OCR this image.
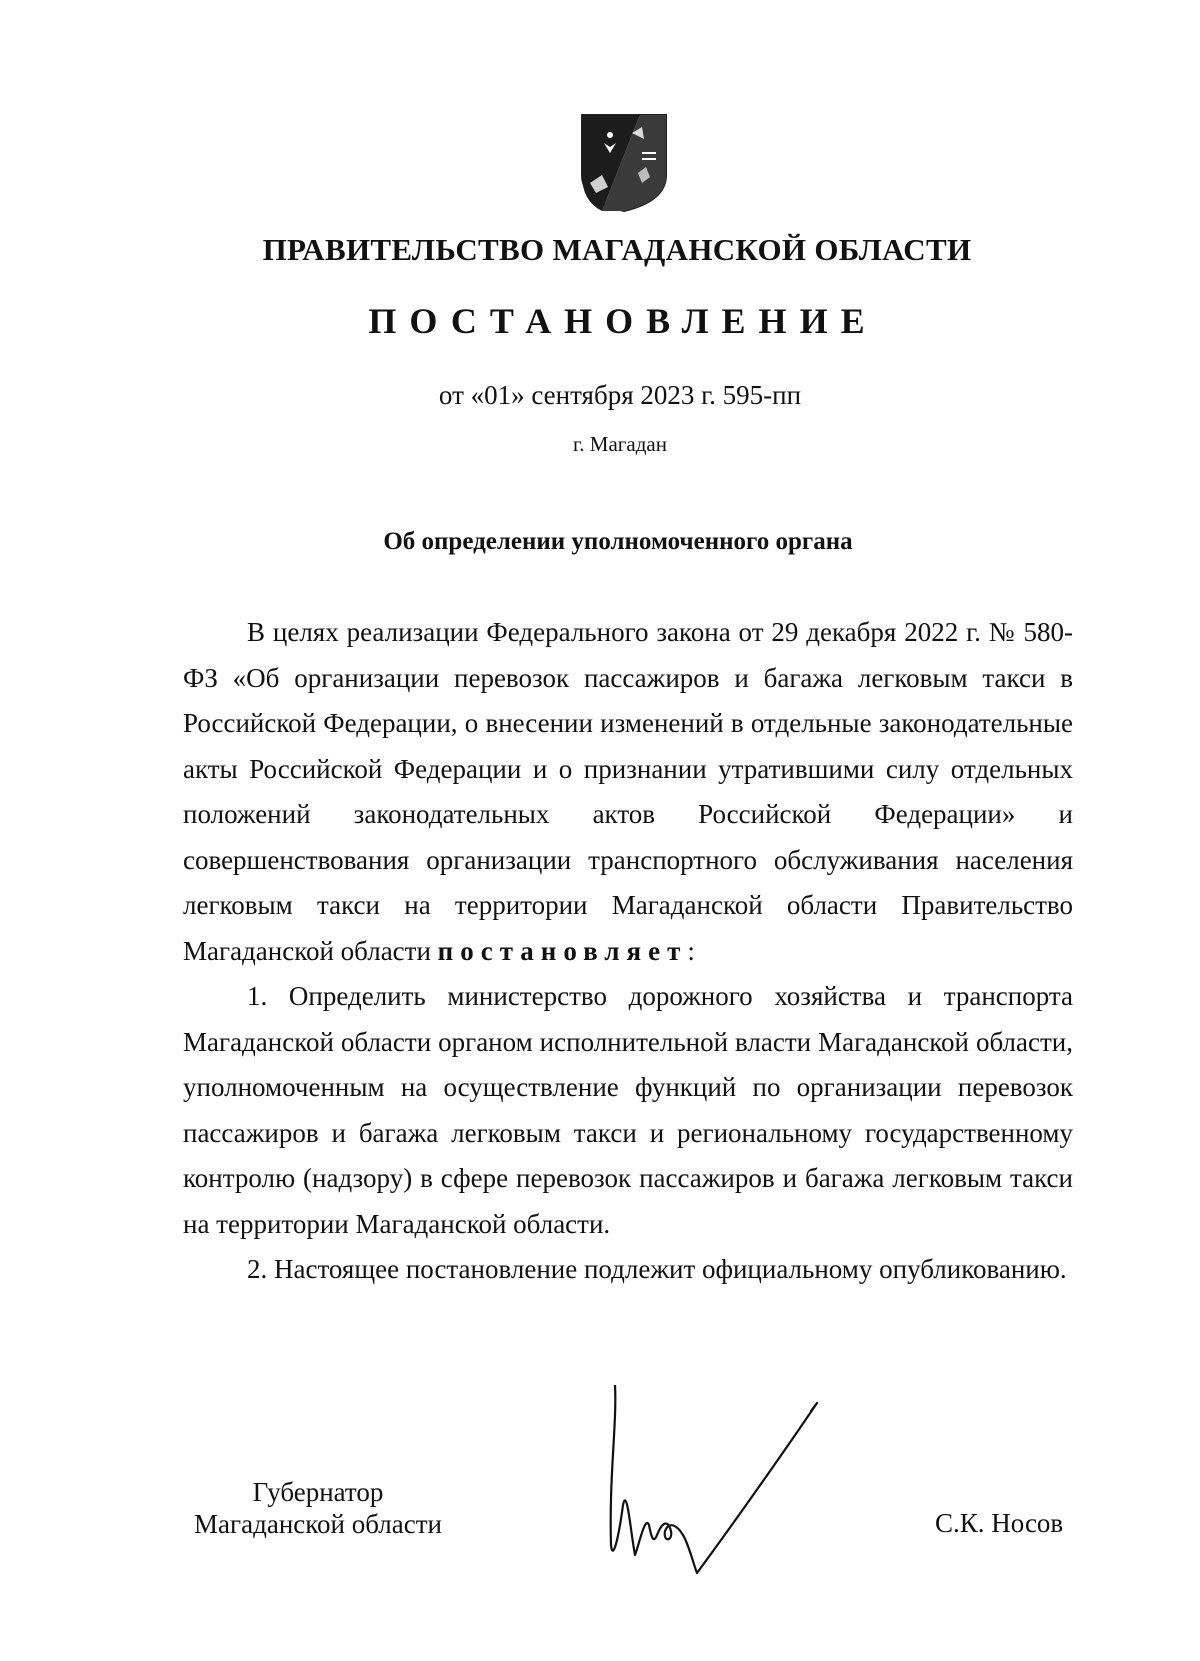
ПРАВИТЕЛЬСТВО МАГАДАНСКОЙ ОБЛАСТИ
ПОСТАНОВЛЕНИЕ
от «01» сентября 2023 г. 595-пп
г. Магадан
Об определении уполномоченного органа

В целях реализации Федерального закона от 29 декабря 2022 г. № 580-ФЗ «Об организации перевозок пассажиров и багажа легковым такси в Российской Федерации, о внесении изменений в отдельные законодательные акты Российской Федерации и о признании утратившими силу отдельных положений законодательных актов Российской Федерации» и совершенствования организации транспортного обслуживания населения легковым такси на территории Магаданской области Правительство Магаданской области постановляет:

1. Определить министерство дорожного хозяйства и транспорта Магаданской области органом исполнительной власти Магаданской области, уполномоченным на осуществление функций по организации перевозок пассажиров и багажа легковым такси и региональному государственному контролю (надзору) в сфере перевозок пассажиров и багажа легковым такси на территории Магаданской области.

2. Настоящее постановление подлежит официальному опубликованию.

Губернатор
Магаданской области	С.К. Носов
